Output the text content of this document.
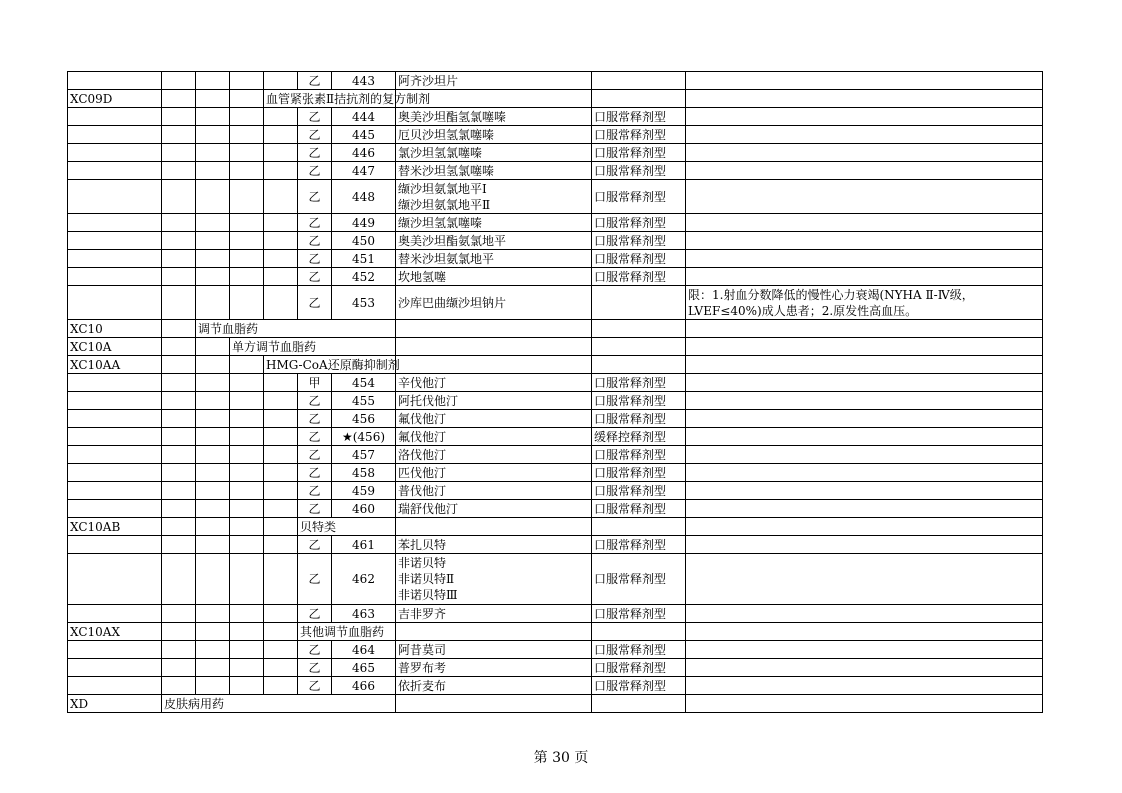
					乙	443	阿齐沙坦片			
XC09D				血管紧张素Ⅱ拮抗剂的复方制剂						
					乙	444	奥美沙坦酯氢氯噻嗪	口服常释剂型		
					乙	445	厄贝沙坦氢氯噻嗪	口服常释剂型		
					乙	446	氯沙坦氢氯噻嗪	口服常释剂型		
					乙	447	替米沙坦氢氯噻嗪	口服常释剂型		
					乙	448	缬沙坦氨氯地平Ⅰ
缬沙坦氨氯地平Ⅱ	口服常释剂型		
					乙	449	缬沙坦氢氯噻嗪	口服常释剂型		
					乙	450	奥美沙坦酯氨氯地平	口服常释剂型		
					乙	451	替米沙坦氨氯地平	口服常释剂型		
					乙	452	坎地氢噻	口服常释剂型		
					乙	453	沙库巴曲缬沙坦钠片		限：1.射血分数降低的慢性心力衰竭(NYHA Ⅱ-Ⅳ级，LVEF≤40%)成人患者；2.原发性高血压。	
XC10		调节血脂药								
XC10A			单方调节血脂药							
XC10AA				HMG-CoA还原酶抑制剂						
					甲	454	辛伐他汀	口服常释剂型		
					乙	455	阿托伐他汀	口服常释剂型		
					乙	456	氟伐他汀	口服常释剂型		
					乙	★(456)	氟伐他汀	缓释控释剂型		
					乙	457	洛伐他汀	口服常释剂型		
					乙	458	匹伐他汀	口服常释剂型		
					乙	459	普伐他汀	口服常释剂型		
					乙	460	瑞舒伐他汀	口服常释剂型		
XC10AB					贝特类					
					乙	461	苯扎贝特	口服常释剂型		
					乙	462	非诺贝特
非诺贝特Ⅱ
非诺贝特Ⅲ	口服常释剂型		
					乙	463	吉非罗齐	口服常释剂型		
XC10AX					其他调节血脂药					
					乙	464	阿昔莫司	口服常释剂型		
					乙	465	普罗布考	口服常释剂型		
					乙	466	依折麦布	口服常释剂型		
XD	皮肤病用药									
第 30 页
